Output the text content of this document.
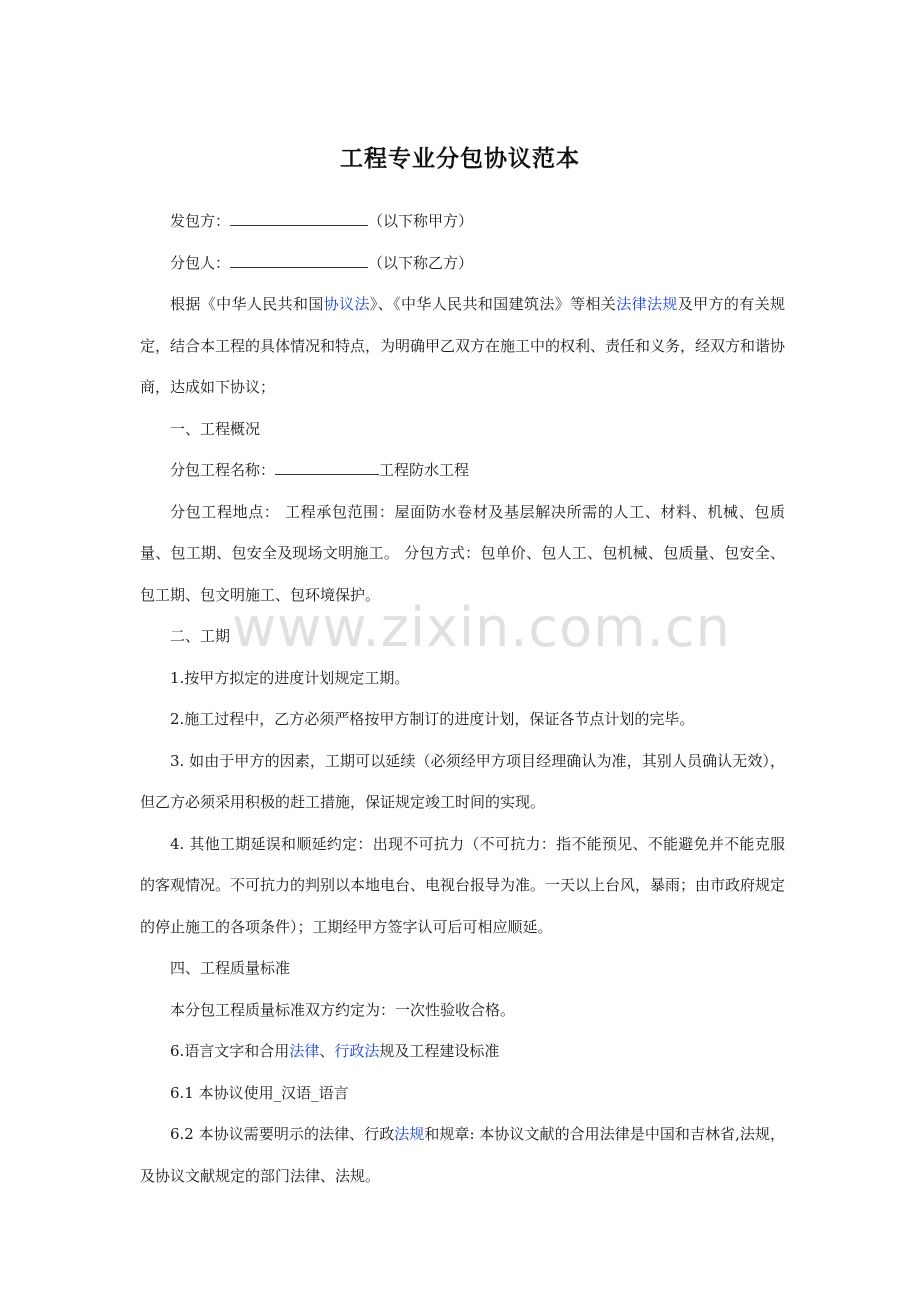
工程专业分包协议范本

发包方：	（以下称甲方）

分包人：	（以下称乙方）

根据《中华人民共和国协议法》、《中华人民共和国建筑法》等相关法律法规及甲方的有关规定，结合本工程的具体情况和特点，为明确甲乙双方在施工中的权利、责任和义务，经双方和谐协商，达成如下协议；

一、工程概况

分包工程名称：	工程防水工程

分包工程地点： 工程承包范围：屋面防水卷材及基层解决所需的人工、材料、机械、包质量、包工期、包安全及现场文明施工。 分包方式：包单价、包人工、包机械、包质量、包安全、包工期、包文明施工、包环境保护。

二、工期

1.按甲方拟定的进度计划规定工期。

2.施工过程中，乙方必须严格按甲方制订的进度计划，保证各节点计划的完毕。

3. 如由于甲方的因素，工期可以延续（必须经甲方项目经理确认为准，其别人员确认无效），但乙方必须采用积极的赶工措施，保证规定竣工时间的实现。

4. 其他工期延误和顺延约定：出现不可抗力（不可抗力：指不能预见、不能避免并不能克服的客观情况。不可抗力的判别以本地电台、电视台报导为准。一天以上台风，暴雨；由市政府规定的停止施工的各项条件）；工期经甲方签字认可后可相应顺延。

四、工程质量标准

本分包工程质量标准双方约定为：一次性验收合格。

6.语言文字和合用法律、行政法规及工程建设标准

6.1 本协议使用_汉语_语言

6.2 本协议需要明示的法律、行政法规和规章: 本协议文献的合用法律是中国和吉林省,法规，及协议文献规定的部门法律、法规。

www.zixin.com.cn
